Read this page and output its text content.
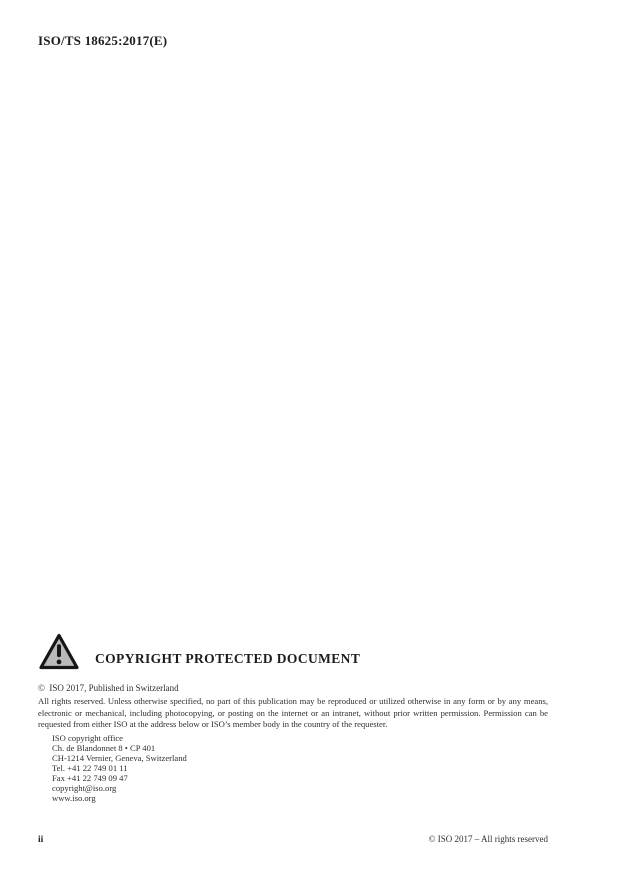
ISO/TS 18625:2017(E)
COPYRIGHT PROTECTED DOCUMENT
©  ISO 2017, Published in Switzerland
All rights reserved. Unless otherwise specified, no part of this publication may be reproduced or utilized otherwise in any form or by any means, electronic or mechanical, including photocopying, or posting on the internet or an intranet, without prior written permission. Permission can be requested from either ISO at the address below or ISO’s member body in the country of the requester.
ISO copyright office
Ch. de Blandonnet 8 • CP 401
CH-1214 Vernier, Geneva, Switzerland
Tel. +41 22 749 01 11
Fax +41 22 749 09 47
copyright@iso.org
www.iso.org
ii	© ISO 2017 – All rights reserved
